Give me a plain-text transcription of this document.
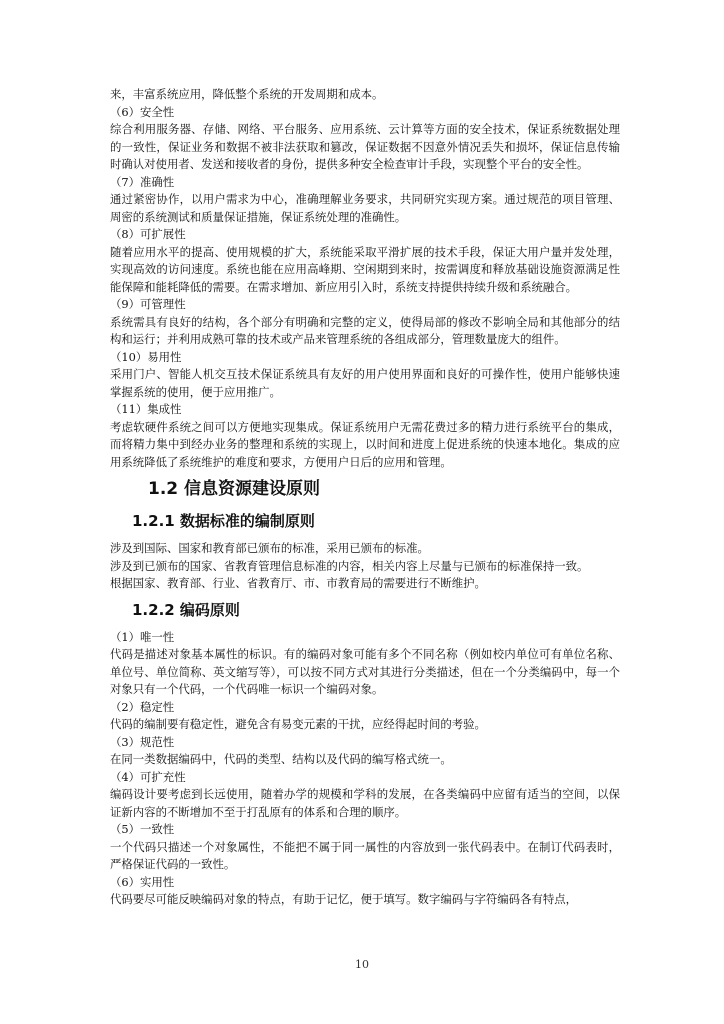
来，丰富系统应用，降低整个系统的开发周期和成本。

（6）安全性

综合利用服务器、存储、网络、平台服务、应用系统、云计算等方面的安全技术，保证系统数据处理的一致性，保证业务和数据不被非法获取和篡改，保证数据不因意外情况丢失和损坏，保证信息传输时确认对使用者、发送和接收者的身份，提供多种安全检查审计手段，实现整个平台的安全性。

（7）准确性

通过紧密协作，以用户需求为中心，准确理解业务要求，共同研究实现方案。通过规范的项目管理、周密的系统测试和质量保证措施，保证系统处理的准确性。

（8）可扩展性

随着应用水平的提高、使用规模的扩大，系统能采取平滑扩展的技术手段，保证大用户量并发处理，实现高效的访问速度。系统也能在应用高峰期、空闲期到来时，按需调度和释放基础设施资源满足性能保障和能耗降低的需要。在需求增加、新应用引入时，系统支持提供持续升级和系统融合。

（9）可管理性

系统需具有良好的结构，各个部分有明确和完整的定义，使得局部的修改不影响全局和其他部分的结构和运行；并利用成熟可靠的技术或产品来管理系统的各组成部分，管理数量庞大的组件。

（10）易用性

采用门户、智能人机交互技术保证系统具有友好的用户使用界面和良好的可操作性，使用户能够快速掌握系统的使用，便于应用推广。

（11）集成性

考虑软硬件系统之间可以方便地实现集成。保证系统用户无需花费过多的精力进行系统平台的集成，而将精力集中到经办业务的整理和系统的实现上，以时间和进度上促进系统的快速本地化。集成的应用系统降低了系统维护的难度和要求，方便用户日后的应用和管理。

1.2 信息资源建设原则
1.2.1 数据标准的编制原则

涉及到国际、国家和教育部已颁布的标准，采用已颁布的标准。

涉及到已颁布的国家、省教育管理信息标准的内容，相关内容上尽量与已颁布的标准保持一致。

根据国家、教育部、行业、省教育厅、市、市教育局的需要进行不断维护。

1.2.2 编码原则

（1）唯一性

代码是描述对象基本属性的标识。有的编码对象可能有多个不同名称（例如校内单位可有单位名称、单位号、单位简称、英文缩写等），可以按不同方式对其进行分类描述，但在一个分类编码中，每一个对象只有一个代码，一个代码唯一标识一个编码对象。

（2）稳定性

代码的编制要有稳定性，避免含有易变元素的干扰，应经得起时间的考验。

（3）规范性

在同一类数据编码中，代码的类型、结构以及代码的编写格式统一。

（4）可扩充性

编码设计要考虑到长远使用，随着办学的规模和学科的发展，在各类编码中应留有适当的空间，以保证新内容的不断增加不至于打乱原有的体系和合理的顺序。

（5）一致性

一个代码只描述一个对象属性，不能把不属于同一属性的内容放到一张代码表中。在制订代码表时，严格保证代码的一致性。

（6）实用性

代码要尽可能反映编码对象的特点，有助于记忆，便于填写。数字编码与字符编码各有特点，

10
